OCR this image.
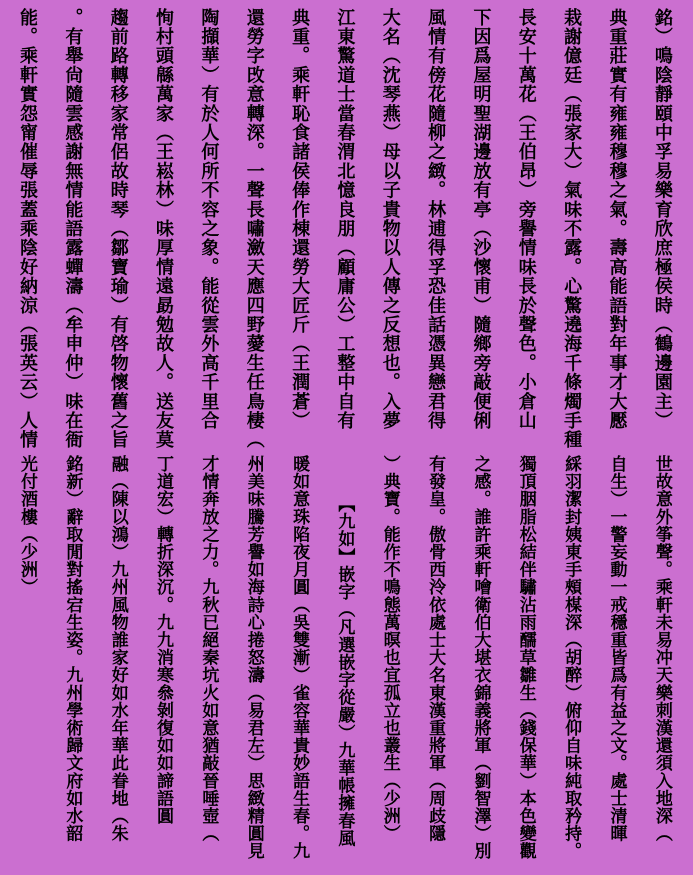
銘）鳴陰靜頤中孚易樂育欣庶極侯時（鶴邊園主）
典重莊實有雍雍穆穆之氣。壽高能語對年事才大懕
栽謝億廷（張家大）氣味不露。心驚遶海千條燭手種
長安十萬花（王伯昂）旁譽情味長於聲色。小倉山
下因爲屋明聖湖邊放有亭（沙懷甫）隨鄉旁敲便俐
風情有傍花隨柳之緻。林逋得孚恐佳話憑異戀君得
大名（沈琴燕）母以子貴物以人傳之反想也。入夢
江東驚道士當春渭北憶良朋（顧庸公）工整中自有
典重。乘軒恥食諸侯俸作棟還勞大匠斤（王潤蒼）
還勞字攺意轉深。一聲長嘯瀲天應四野薆生任鳥棲（
陶擷華）有於人何所不容之象。能從雲外高千里合
恂村頭緜萬家（王崧林）味厚情遠勗勉故人。送友莫
趨前路轉移家常侶故時琴（鄒寶瑜）有啓物懷舊之旨
。有舉尙隨雲感謝無情能語露蟬濤（牟申仲）味在衙
能。乘軒實怨甯催辱張蓋乘陰好納涼（張英云）人情
世故意外筝聲。乘軒未易冲天樂刺漢還須入地深（
自生）一警妄動一戒穩重皆爲有益之文。處士清暉
綵羽潔封姨東手頰楳深（胡醉）俯仰自味純取矜持。
獨頂胭脂松結伴驌沾雨醹草雛生（錢保華）本色變觀
之感。誰許乘軒噲衛伯大堪衣錦義將軍（劉智澤）別
有發皇。傲骨西泠依處士大名東漢重將軍（周歧隱
）典寶。能作不鳴態萬暝也宜孤立也叢生（少洲）
【九如】嵌字（凡選嵌字從嚴）九華帳擁春風
暖如意珠陷夜月圓（吳雙漸）雀容華貴妙語生春。九
州美味騰芳譽如海詩心捲怒濤（易君左）思緻精圓見
才情奔放之力。九秋已絕秦坑火如意猶敲晉唾壺（
丁道宏）轉折深沉。九九消寒叅剝復如如諦語圓
融（陳以鴻）九州風物誰家好如水年華此眷地（朱
銘新）辭取閒對搖宕生姿。九州學術歸文府如水韶
光付酒樓（少洲）
